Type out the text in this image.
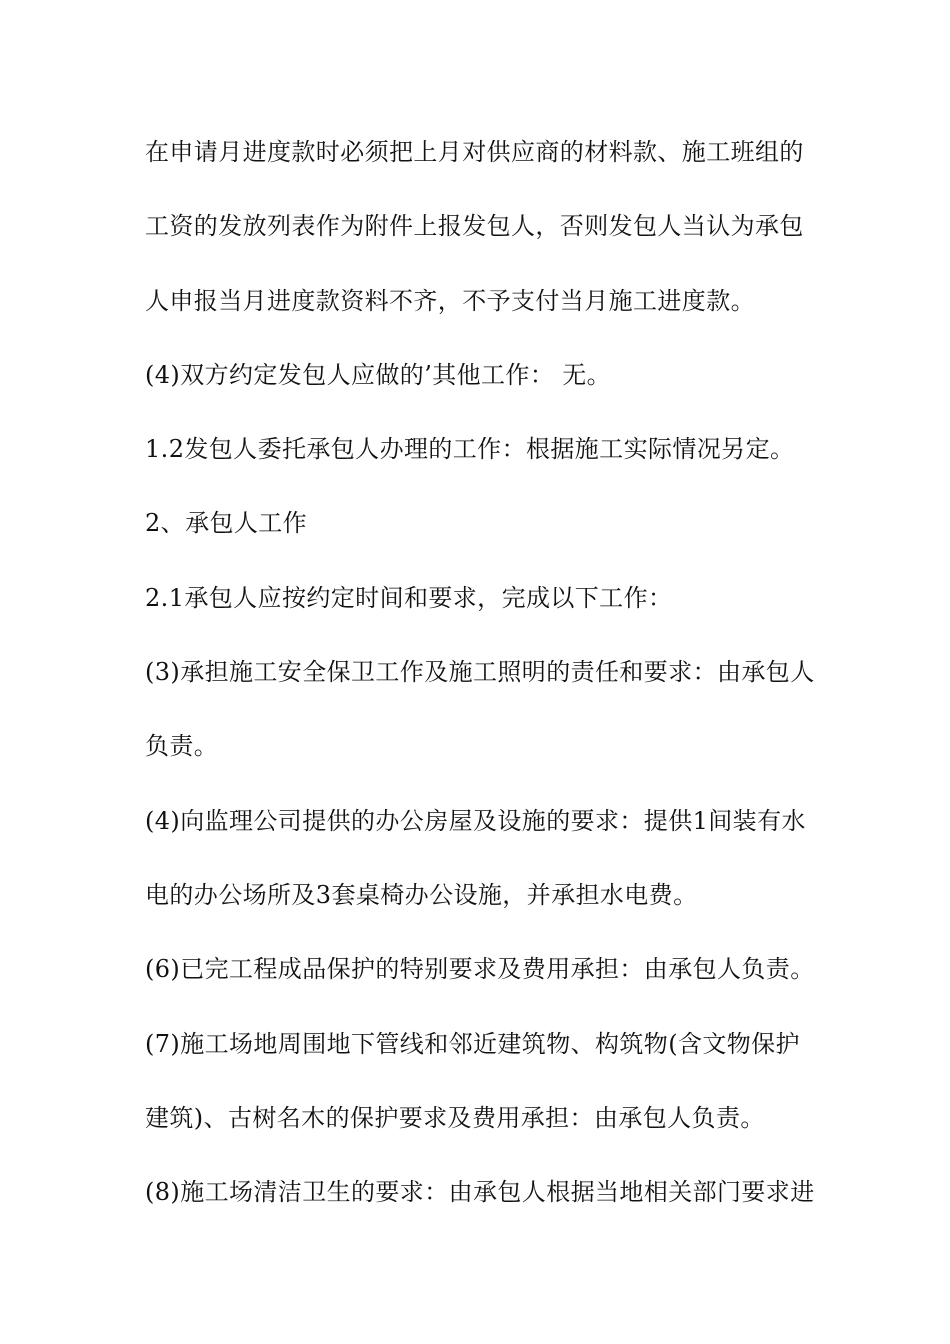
在申请月进度款时必须把上月对供应商的材料款、施工班组的
工资的发放列表作为附件上报发包人，否则发包人当认为承包
人申报当月进度款资料不齐，不予支付当月施工进度款。
(4)双方约定发包人应做的’其他工作： 无。
1.2发包人委托承包人办理的工作：根据施工实际情况另定。
2、承包人工作
2.1承包人应按约定时间和要求，完成以下工作：
(3)承担施工安全保卫工作及施工照明的责任和要求：由承包人
负责。
(4)向监理公司提供的办公房屋及设施的要求：提供1间装有水
电的办公场所及3套桌椅办公设施，并承担水电费。
(6)已完工程成品保护的特别要求及费用承担：由承包人负责。
(7)施工场地周围地下管线和邻近建筑物、构筑物(含文物保护
建筑)、古树名木的保护要求及费用承担：由承包人负责。
(8)施工场清洁卫生的要求：由承包人根据当地相关部门要求进
